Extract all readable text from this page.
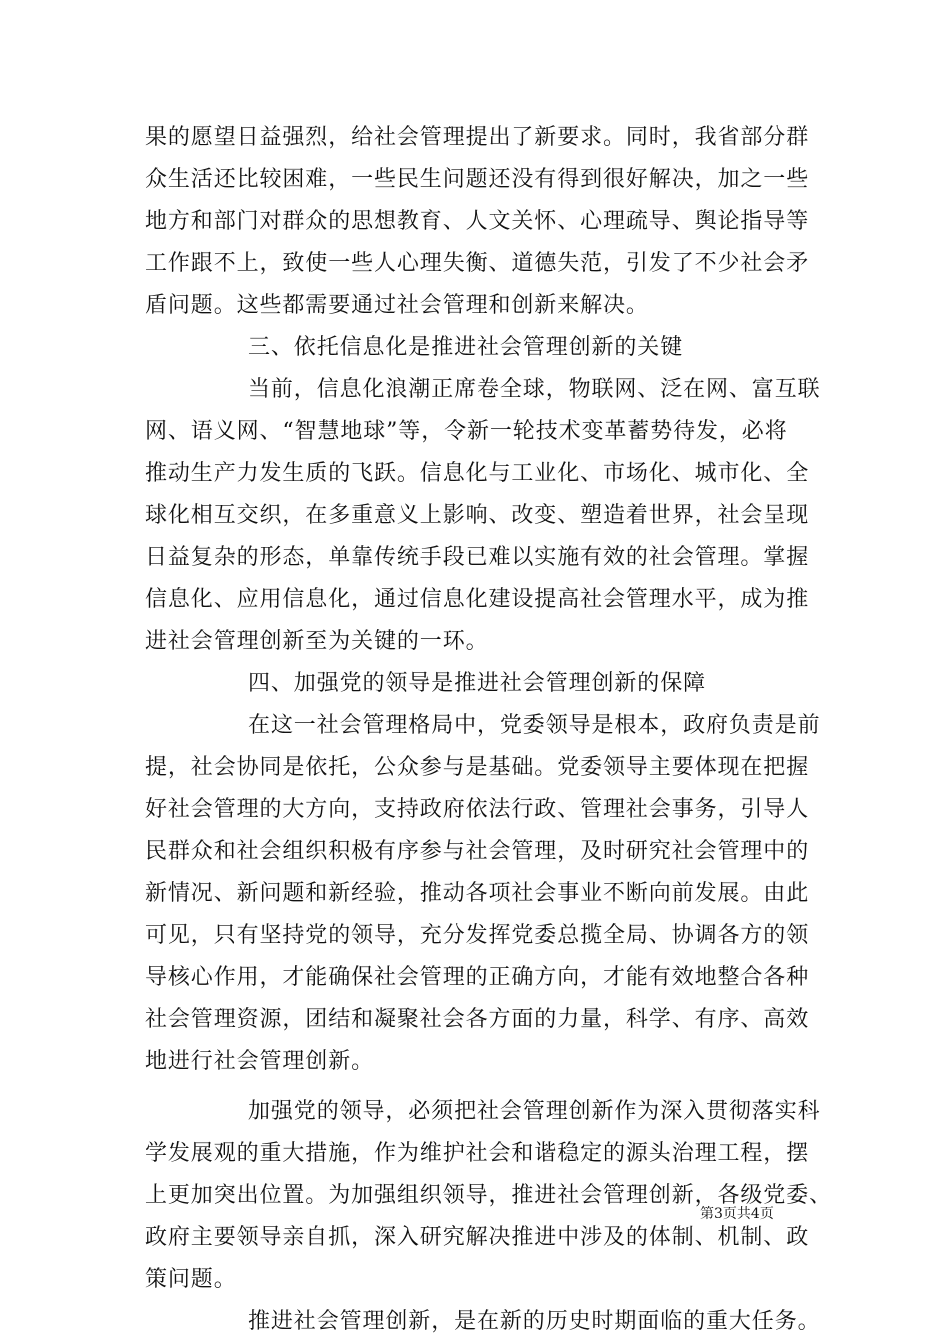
果的愿望日益强烈，给社会管理提出了新要求。同时，我省部分群
众生活还比较困难，一些民生问题还没有得到很好解决，加之一些
地方和部门对群众的思想教育、人文关怀、心理疏导、舆论指导等
工作跟不上，致使一些人心理失衡、道德失范，引发了不少社会矛
盾问题。这些都需要通过社会管理和创新来解决。
三、依托信息化是推进社会管理创新的关键
当前，信息化浪潮正席卷全球，物联网、泛在网、富互联
网、语义网、“智慧地球”等，令新一轮技术变革蓄势待发，必将
推动生产力发生质的飞跃。信息化与工业化、市场化、城市化、全
球化相互交织，在多重意义上影响、改变、塑造着世界，社会呈现
日益复杂的形态，单靠传统手段已难以实施有效的社会管理。掌握
信息化、应用信息化，通过信息化建设提高社会管理水平，成为推
进社会管理创新至为关键的一环。
四、加强党的领导是推进社会管理创新的保障
在这一社会管理格局中，党委领导是根本，政府负责是前
提，社会协同是依托，公众参与是基础。党委领导主要体现在把握
好社会管理的大方向，支持政府依法行政、管理社会事务，引导人
民群众和社会组织积极有序参与社会管理，及时研究社会管理中的
新情况、新问题和新经验，推动各项社会事业不断向前发展。由此
可见，只有坚持党的领导，充分发挥党委总揽全局、协调各方的领
导核心作用，才能确保社会管理的正确方向，才能有效地整合各种
社会管理资源，团结和凝聚社会各方面的力量，科学、有序、高效
地进行社会管理创新。
加强党的领导，必须把社会管理创新作为深入贯彻落实科
学发展观的重大措施，作为维护社会和谐稳定的源头治理工程，摆
上更加突出位置。为加强组织领导，推进社会管理创新，各级党委、
政府主要领导亲自抓，深入研究解决推进中涉及的体制、机制、政
策问题。
推进社会管理创新，是在新的历史时期面临的重大任务。
第3页共4页
